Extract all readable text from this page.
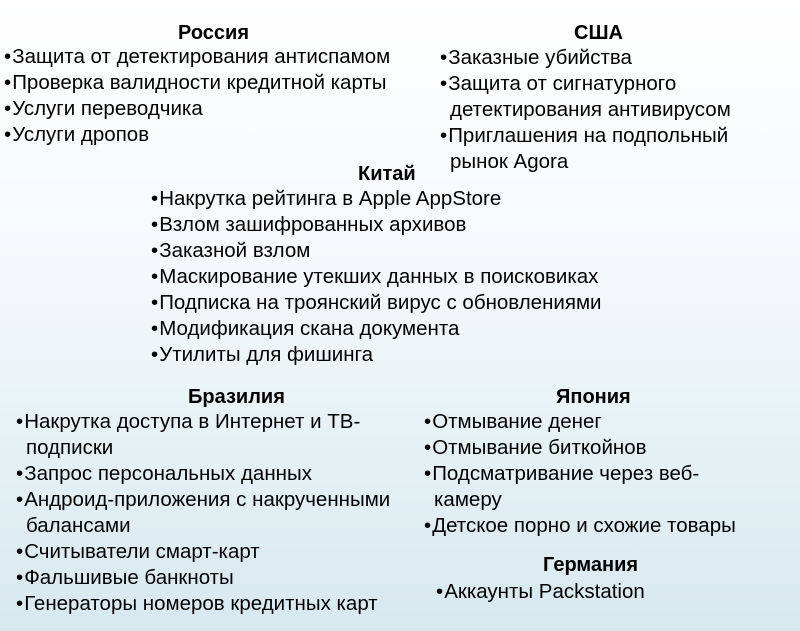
Россия
•Защита от детектирования антиспамом
•Проверка валидности кредитной карты
•Услуги переводчика
•Услуги дропов
США
•Заказные убийства
•Защита от сигнатурного
детектирования антивирусом
•Приглашения на подпольный
рынок Agora
Китай
•Накрутка рейтинга в Apple AppStore
•Взлом зашифрованных архивов
•Заказной взлом
•Маскирование утекших данных в поисковиках
•Подписка на троянский вирус с обновлениями
•Модификация скана документа
•Утилиты для фишинга
Бразилия
•Накрутка доступа в Интернет и ТВ-
подписки
•Запрос персональных данных
•Андроид-приложения с накрученными
балансами
•Считыватели смарт-карт
•Фальшивые банкноты
•Генераторы номеров кредитных карт
Япония
•Отмывание денег
•Отмывание биткойнов
•Подсматривание через веб-
камеру
•Детское порно и схожие товары
Германия
•Аккаунты Packstation
